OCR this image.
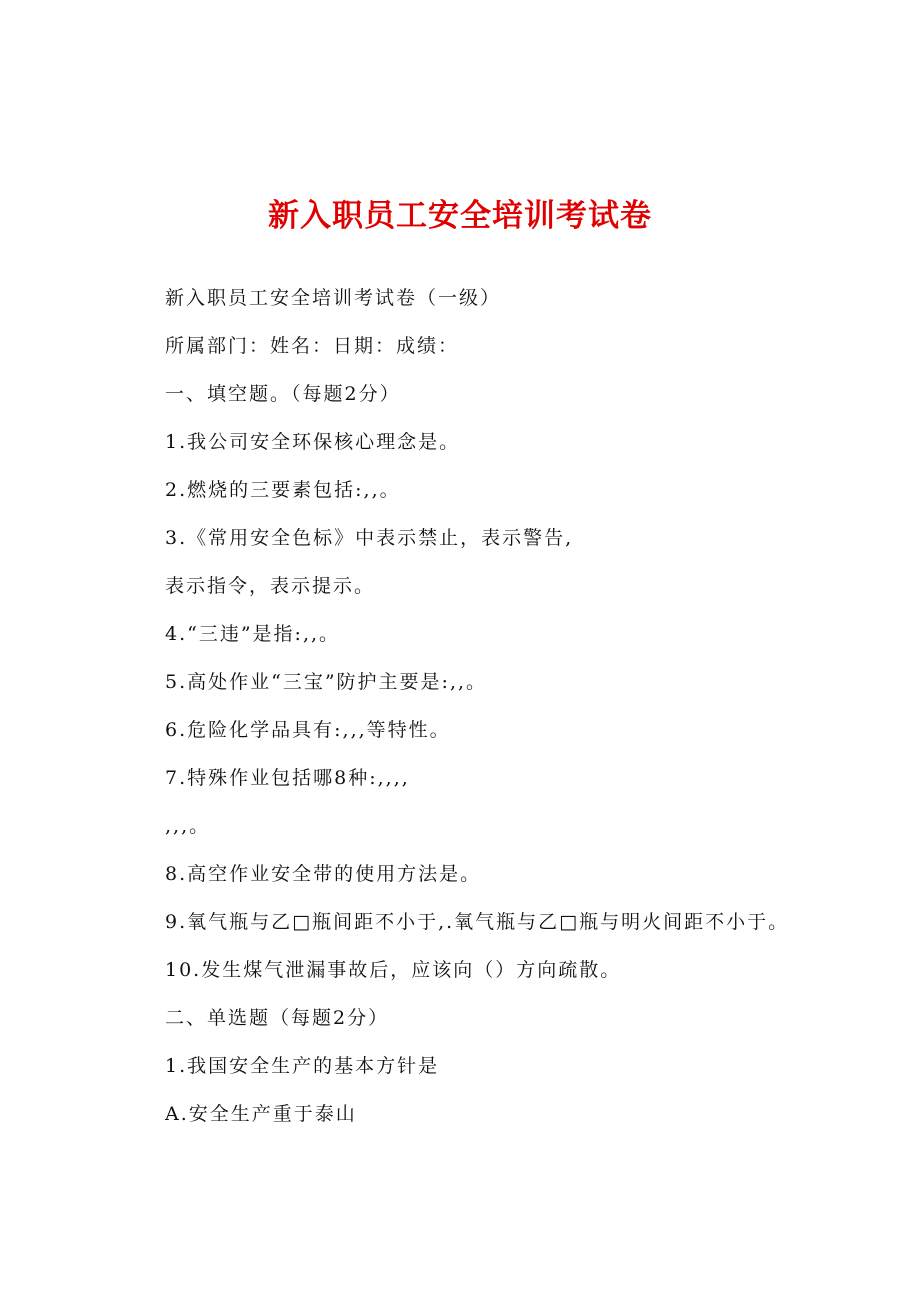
新入职员工安全培训考试卷
新入职员工安全培训考试卷（一级）
所属部门：姓名：日期：成绩：
一、填空题。（每题2分）
1.我公司安全环保核心理念是。
2.燃烧的三要素包括:,,。
3.《常用安全色标》中表示禁止，表示警告,
表示指令，表示提示。
4.“三违”是指:,,。
5.高处作业“三宝”防护主要是:,,。
6.危险化学品具有:,,,等特性。
7.特殊作业包括哪8种:,,,,
,,,。
8.高空作业安全带的使用方法是。
9.氧气瓶与乙□瓶间距不小于,.氧气瓶与乙□瓶与明火间距不小于。
10.发生煤气泄漏事故后，应该向（）方向疏散。
二、单选题（每题2分）
1.我国安全生产的基本方针是
A.安全生产重于泰山
